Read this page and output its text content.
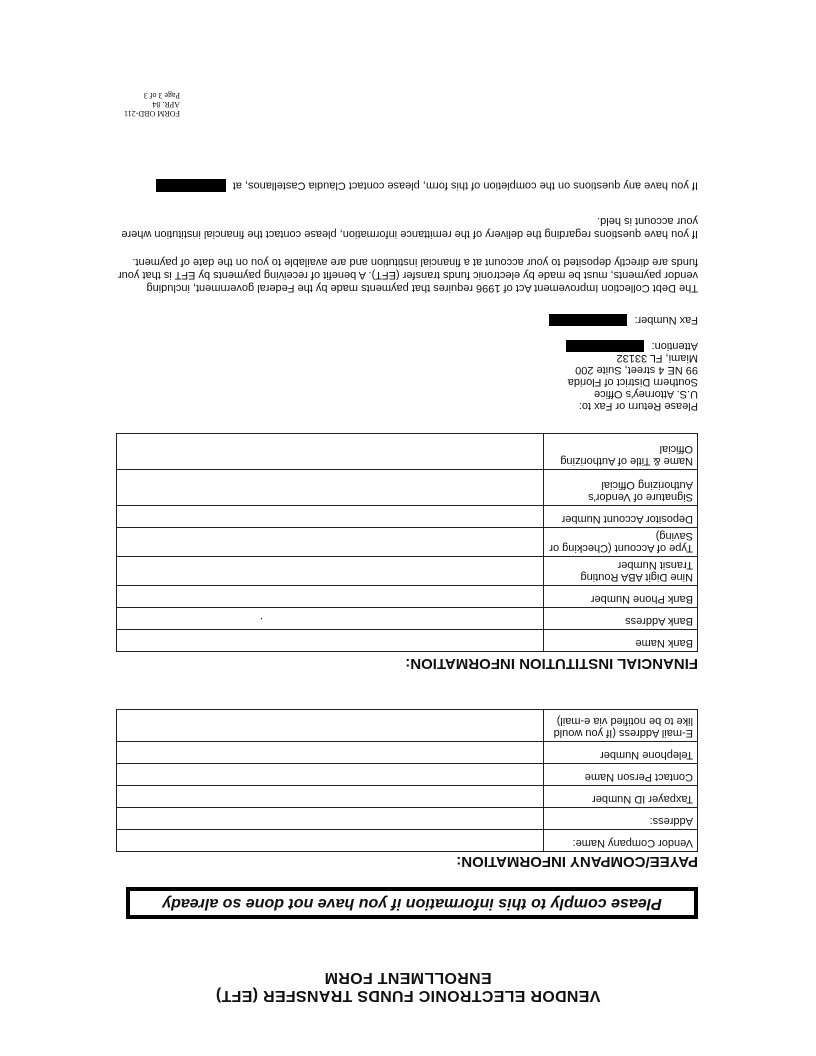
VENDOR ELECTRONIC FUNDS TRANSFER (EFT)
ENROLLMENT FORM
Please comply to this information if you have not done so already
PAYEE/COMPANY INFORMATION:
Vendor Company Name:	
Address:	
Taxpayer ID Number	
Contact Person Name	
Telephone Number	
E-mail Address (If you would like to be notified via e-mail)	
FINANCIAL INSTITUTION INFORMATION:
Bank Name	
Bank Address	.
Bank Phone Number	
Nine Digit ABA Routing Transit Number	
Type of Account (Checking or Saving)	
Depositor Account Number	
Signature of Vendor's Authorizing Official	
Name & Title of Authorizing Official	
Please Return or Fax to:
U.S. Attorney's Office
Southern District of Florida
99 NE 4 street, Suite 200
Miami, FL 33132
Attention:
Fax Number:
The Debt Collection Improvement Act of 1996 requires that payments made by the Federal government, including vendor payments, must be made by electronic funds transfer (EFT). A benefit of receiving payments by EFT is that your funds are directly deposited to your account at a financial institution and are available to you on the date of payment.
If you have questions regarding the delivery of the remittance information, please contact the financial institution where your account is held.
If you have any questions on the completion of this form, please contact Claudia Castellanos, at
FORM OBD-211
APR. 84
Page 3 of 3
